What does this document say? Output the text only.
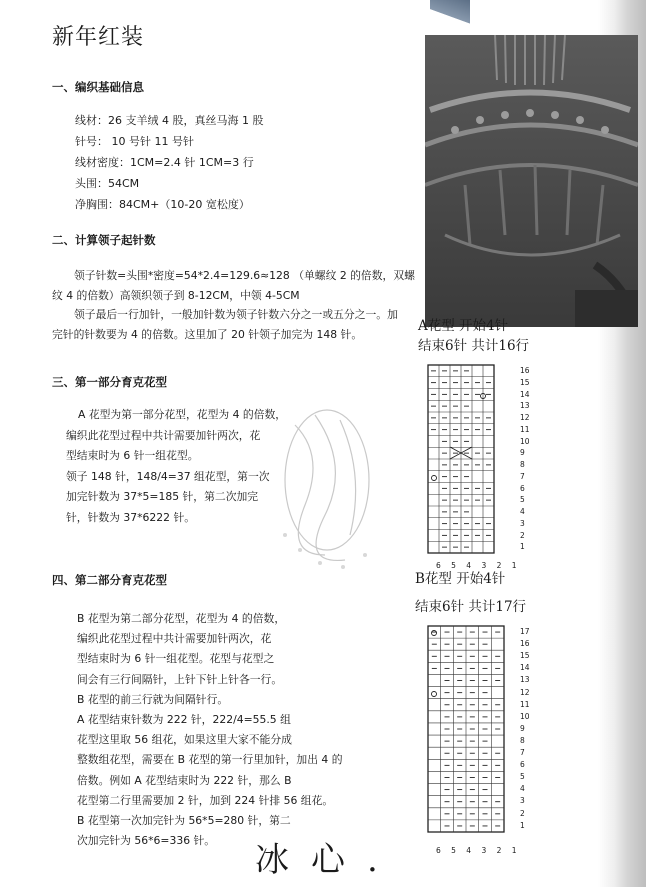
新年红装
一、编织基础信息
线材：26 支羊绒 4 股，真丝马海 1 股
针号： 10 号针 11 号针
线材密度：1CM=2.4 针 1CM=3 行
头围：54CM
净胸围：84CM+（10-20 宽松度）
二、计算领子起针数
领子针数=头围*密度=54*2.4=129.6≈128 （单螺纹 2 的倍数，双螺
纹 4 的倍数）高领织领子到 8-12CM，中领 4-5CM
领子最后一行加针，一般加针数为领子针数六分之一或五分之一。加
完针的针数要为 4 的倍数。这里加了 20 针领子加完为 148 针。
三、第一部分育克花型
A 花型为第一部分花型，花型为 4 的倍数，
编织此花型过程中共计需要加针两次，花
型结束时为 6 针一组花型。
领子 148 针，148/4=37 组花型，第一次
加完针数为 37*5=185 针，第二次加完
针，针数为 37*6222 针。
四、第二部分育克花型
B 花型为第二部分花型，花型为 4 的倍数，
编织此花型过程中共计需要加针两次，花
型结束时为 6 针一组花型。花型与花型之
间会有三行间隔针，上针下针上针各一行。
B 花型的前三行就为间隔针行。
A 花型结束针数为 222 针，222/4=55.5 组
花型这里取 56 组花，如果这里大家不能分成
整数组花型，需要在 B 花型的第一行里加针，加出 4 的
倍数。例如 A 花型结束时为 222 针，那么 B
花型第二行里需要加 2 针，加到 224 针排 56 组花。
B 花型第一次加完针为 56*5=280 针，第二
次加完针为 56*6=336 针。	冰心.
A花型 开始4针
结束6针 共计16行
16
15
14
13
12
11
10
9
8
7
6
5
4
3
2
1
6 5 4 3 2 1
B花型 开始4针
结束6针 共计17行
17
16
15
14
13
12
11
10
9
8
7
6
5
4
3
2
1
6 5 4 3 2 1
